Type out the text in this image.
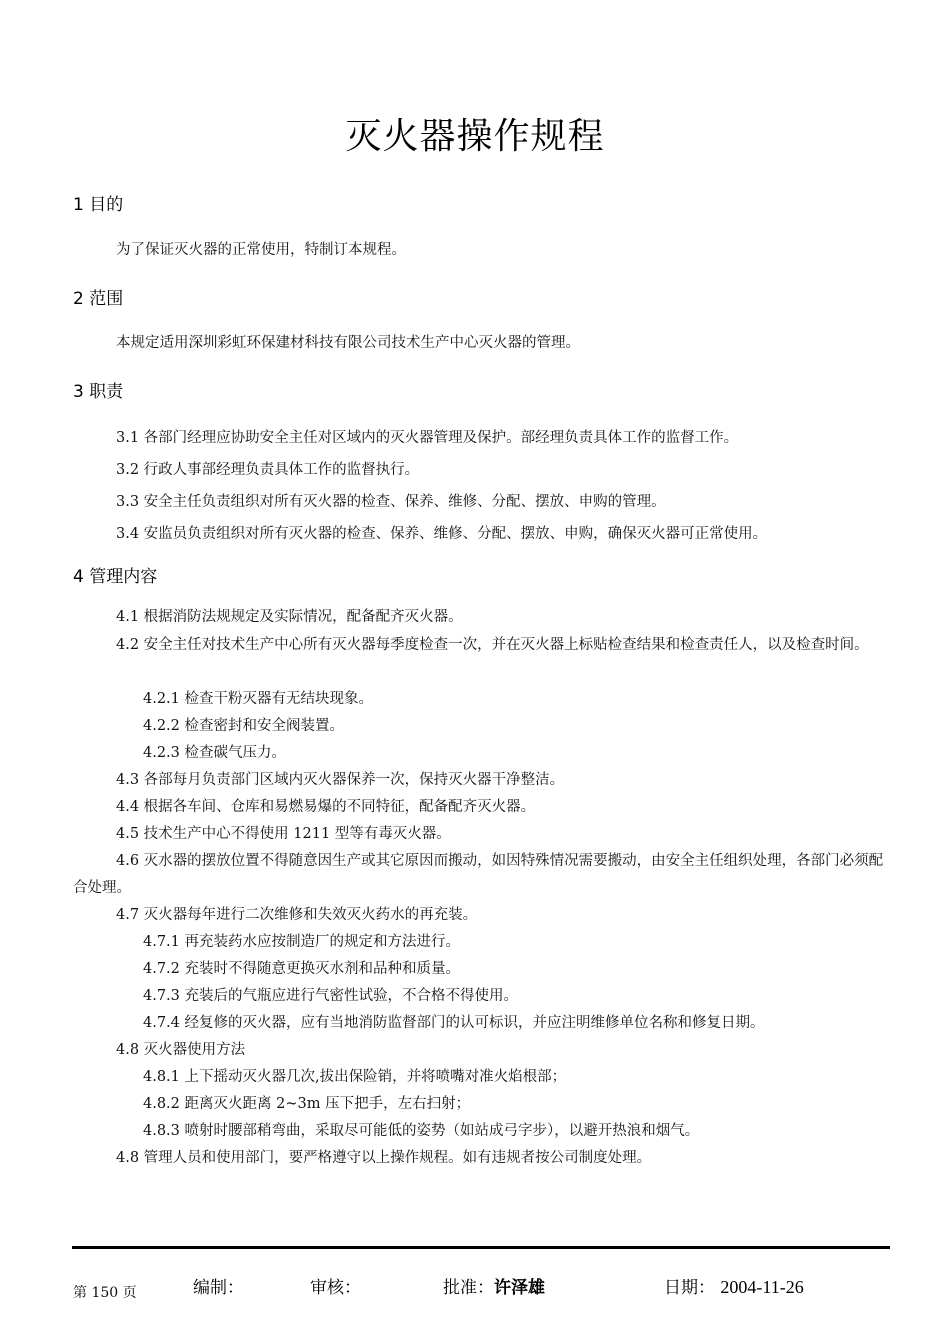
灭火器操作规程
1 目的
为了保证灭火器的正常使用，特制订本规程。
2 范围
本规定适用深圳彩虹环保建材科技有限公司技术生产中心灭火器的管理。
3 职责
3.1 各部门经理应协助安全主任对区域内的灭火器管理及保护。部经理负责具体工作的监督工作。
3.2 行政人事部经理负责具体工作的监督执行。
3.3 安全主任负责组织对所有灭火器的检查、保养、维修、分配、摆放、申购的管理。
3.4 安监员负责组织对所有灭火器的检查、保养、维修、分配、摆放、申购，确保灭火器可正常使用。
4 管理内容
4.1 根据消防法规规定及实际情况，配备配齐灭火器。
4.2 安全主任对技术生产中心所有灭火器每季度检查一次，并在灭火器上标贴检查结果和检查责任人，以及检查时间。
4.2.1 检查干粉灭器有无结块现象。
4.2.2 检查密封和安全阀装置。
4.2.3 检查碳气压力。
4.3 各部每月负责部门区域内灭火器保养一次，保持灭火器干净整洁。
4.4 根据各车间、仓库和易燃易爆的不同特征，配备配齐灭火器。
4.5 技术生产中心不得使用 1211 型等有毒灭火器。
4.6 灭水器的摆放位置不得随意因生产或其它原因而搬动，如因特殊情况需要搬动，由安全主任组织处理，各部门必须配合处理。
4.7 灭火器每年进行二次维修和失效灭火药水的再充装。
4.7.1 再充装药水应按制造厂的规定和方法进行。
4.7.2 充装时不得随意更换灭水剂和品种和质量。
4.7.3 充装后的气瓶应进行气密性试验，不合格不得使用。
4.7.4 经复修的灭火器，应有当地消防监督部门的认可标识，并应注明维修单位名称和修复日期。
4.8 灭火器使用方法
4.8.1 上下摇动灭火器几次,拔出保险销，并将喷嘴对准火焰根部；
4.8.2 距离灭火距离 2~3m 压下把手，左右扫射；
4.8.3 喷射时腰部稍弯曲，采取尽可能低的姿势（如站成弓字步），以避开热浪和烟气。
4.8 管理人员和使用部门，要严格遵守以上操作规程。如有违规者按公司制度处理。
第 150 页	编制：	审核：	批准：许泽雄	日期： 2004-11-26
